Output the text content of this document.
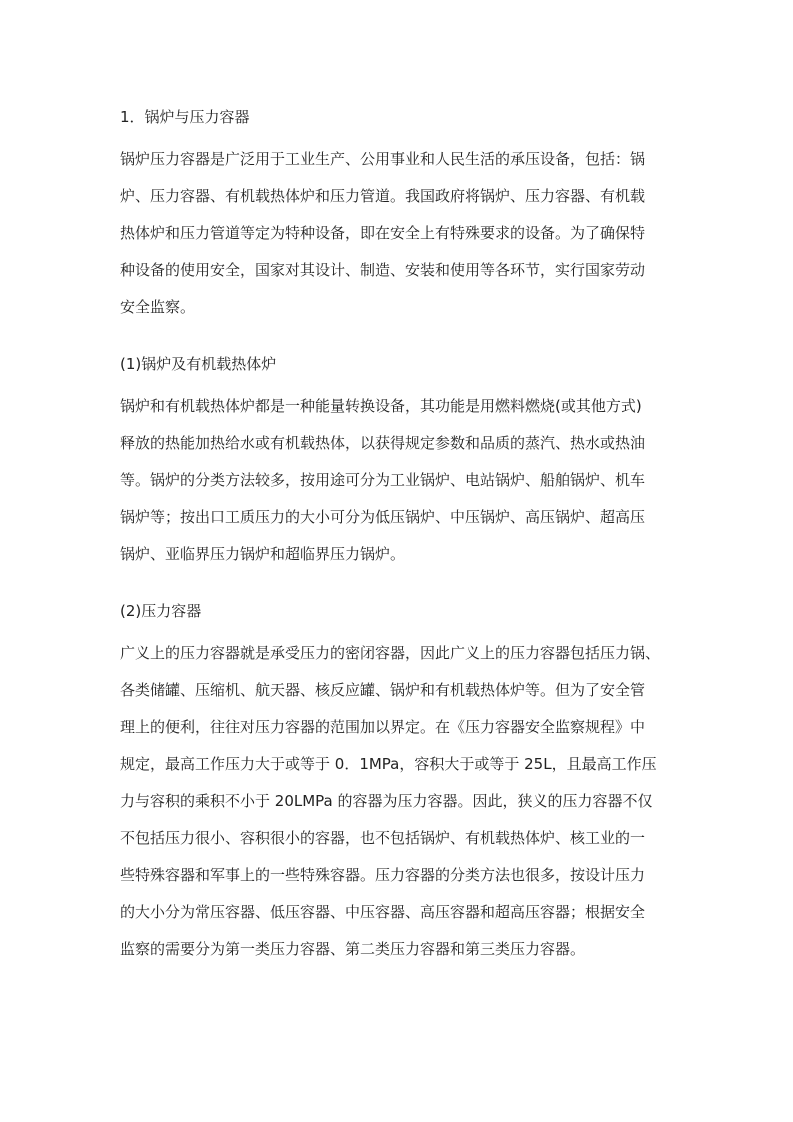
1．锅炉与压力容器
锅炉压力容器是广泛用于工业生产、公用事业和人民生活的承压设备，包括：锅
炉、压力容器、有机载热体炉和压力管道。我国政府将锅炉、压力容器、有机载
热体炉和压力管道等定为特种设备，即在安全上有特殊要求的设备。为了确保特
种设备的使用安全，国家对其设计、制造、安装和使用等各环节，实行国家劳动
安全监察。
(1)锅炉及有机载热体炉
锅炉和有机载热体炉都是一种能量转换设备，其功能是用燃料燃烧(或其他方式)
释放的热能加热给水或有机载热体，以获得规定参数和品质的蒸汽、热水或热油
等。锅炉的分类方法较多，按用途可分为工业锅炉、电站锅炉、船舶锅炉、机车
锅炉等；按出口工质压力的大小可分为低压锅炉、中压锅炉、高压锅炉、超高压
锅炉、亚临界压力锅炉和超临界压力锅炉。
(2)压力容器
广义上的压力容器就是承受压力的密闭容器，因此广义上的压力容器包括压力锅、
各类储罐、压缩机、航天器、核反应罐、锅炉和有机载热体炉等。但为了安全管
理上的便利，往往对压力容器的范围加以界定。在《压力容器安全监察规程》中
规定，最高工作压力大于或等于 0．1MPa，容积大于或等于 25L，且最高工作压
力与容积的乘积不小于 20LMPa 的容器为压力容器。因此，狭义的压力容器不仅
不包括压力很小、容积很小的容器，也不包括锅炉、有机载热体炉、核工业的一
些特殊容器和军事上的一些特殊容器。压力容器的分类方法也很多，按设计压力
的大小分为常压容器、低压容器、中压容器、高压容器和超高压容器；根据安全
监察的需要分为第一类压力容器、第二类压力容器和第三类压力容器。
